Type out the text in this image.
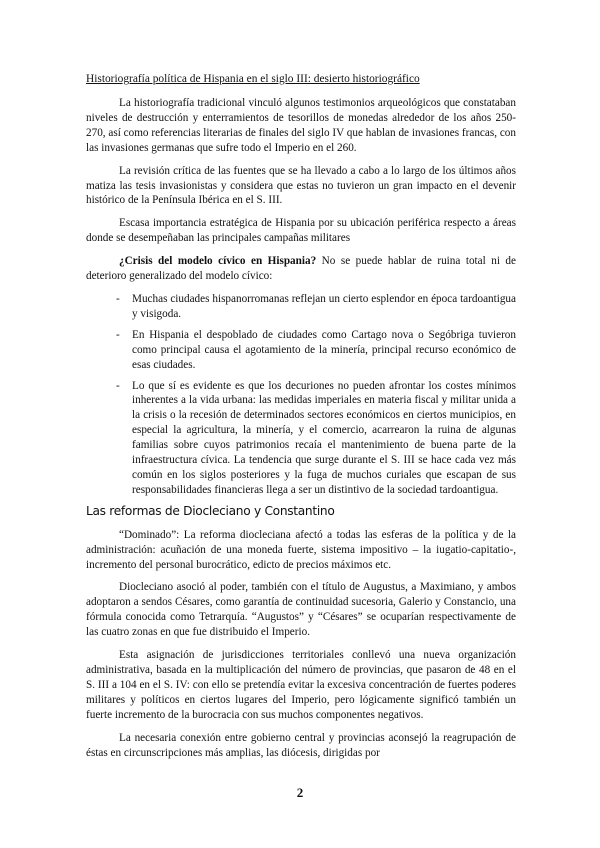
Historiografía política de Hispania en el siglo III: desierto historiográfico

La historiografía tradicional vinculó algunos testimonios arqueológicos que constataban niveles de destrucción y enterramientos de tesorillos de monedas alrededor de los años 250- 270, así como referencias literarias de finales del siglo IV que hablan de invasiones francas, con las invasiones germanas que sufre todo el Imperio en el 260.

La revisión crítica de las fuentes que se ha llevado a cabo a lo largo de los últimos años matiza las tesis invasionistas y considera que estas no tuvieron un gran impacto en el devenir histórico de la Península Ibérica en el S. III.

Escasa importancia estratégica de Hispania por su ubicación periférica respecto a áreas donde se desempeñaban las principales campañas militares

¿Crisis del modelo cívico en Hispania? No se puede hablar de ruina total ni de deterioro generalizado del modelo cívico:

- Muchas ciudades hispanorromanas reflejan un cierto esplendor en época tardoantigua y visigoda.
- En Hispania el despoblado de ciudades como Cartago nova o Segóbriga tuvieron como principal causa el agotamiento de la minería, principal recurso económico de esas ciudades.
- Lo que sí es evidente es que los decuriones no pueden afrontar los costes mínimos inherentes a la vida urbana: las medidas imperiales en materia fiscal y militar unida a la crisis o la recesión de determinados sectores económicos en ciertos municipios, en especial la agricultura, la minería, y el comercio, acarrearon la ruina de algunas familias sobre cuyos patrimonios recaía el mantenimiento de buena parte de la infraestructura cívica. La tendencia que surge durante el S. III se hace cada vez más común en los siglos posteriores y la fuga de muchos curiales que escapan de sus responsabilidades financieras llega a ser un distintivo de la sociedad tardoantigua.
Las reformas de Diocleciano y Constantino

“Dominado”: La reforma diocleciana afectó a todas las esferas de la política y de la administración: acuñación de una moneda fuerte, sistema impositivo – la iugatio-capitatio-, incremento del personal burocrático, edicto de precios máximos etc.

Diocleciano asoció al poder, también con el título de Augustus, a Maximiano, y ambos adoptaron a sendos Césares, como garantía de continuidad sucesoria, Galerio y Constancio, una fórmula conocida como Tetrarquía. “Augustos” y “Césares” se ocuparían respectivamente de las cuatro zonas en que fue distribuido el Imperio.

Esta asignación de jurisdicciones territoriales conllevó una nueva organización administrativa, basada en la multiplicación del número de provincias, que pasaron de 48 en el S. III a 104 en el S. IV: con ello se pretendía evitar la excesiva concentración de fuertes poderes militares y políticos en ciertos lugares del Imperio, pero lógicamente significó también un fuerte incremento de la burocracia con sus muchos componentes negativos.

La necesaria conexión entre gobierno central y provincias aconsejó la reagrupación de éstas en circunscripciones más amplias, las diócesis, dirigidas por

2
